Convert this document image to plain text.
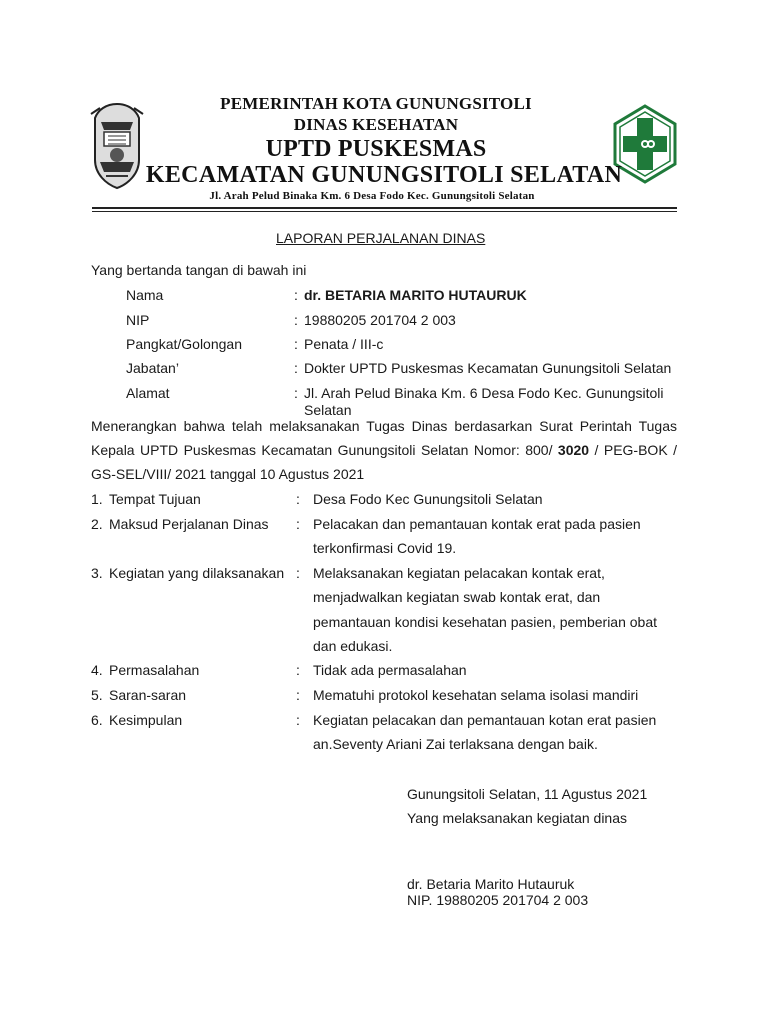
PEMERINTAH KOTA GUNUNGSITOLI
DINAS KESEHATAN
UPTD PUSKESMAS
KECAMATAN GUNUNGSITOLI SELATAN
Jl. Arah Pelud Binaka Km. 6 Desa Fodo Kec. Gunungsitoli Selatan
LAPORAN PERJALANAN DINAS
Yang bertanda tangan di bawah ini
Nama	: dr. BETARIA MARITO HUTAURUK
NIP	: 19880205 201704 2 003
Pangkat/Golongan	: Penata / III-c
Jabatan’	: Dokter UPTD Puskesmas Kecamatan Gunungsitoli Selatan
Alamat	: Jl. Arah Pelud Binaka Km. 6 Desa Fodo Kec. Gunungsitoli
Selatan
Menerangkan bahwa telah melaksanakan Tugas Dinas berdasarkan Surat Perintah Tugas
Kepala UPTD Puskesmas Kecamatan Gunungsitoli Selatan Nomor: 800/ 3020 / PEG-BOK /
GS-SEL/VIII/ 2021 tanggal 10 Agustus 2021
1. Tempat Tujuan	: Desa Fodo Kec Gunungsitoli Selatan
2. Maksud Perjalanan Dinas : Pelacakan dan pemantauan kontak erat pada pasien
terkonfirmasi Covid 19.
3. Kegiatan yang dilaksanakan : Melaksanakan kegiatan pelacakan kontak erat,
menjadwalkan kegiatan swab kontak erat, dan
pemantauan kondisi kesehatan pasien, pemberian obat
dan edukasi.
4. Permasalahan	: Tidak ada permasalahan
5. Saran-saran	: Mematuhi protokol kesehatan selama isolasi mandiri
6. Kesimpulan	: Kegiatan pelacakan dan pemantauan kotan erat pasien
an.Seventy Ariani Zai terlaksana dengan baik.
Gunungsitoli Selatan, 11 Agustus 2021
Yang melaksanakan kegiatan dinas
dr. Betaria Marito Hutauruk
NIP. 19880205 201704 2 003
